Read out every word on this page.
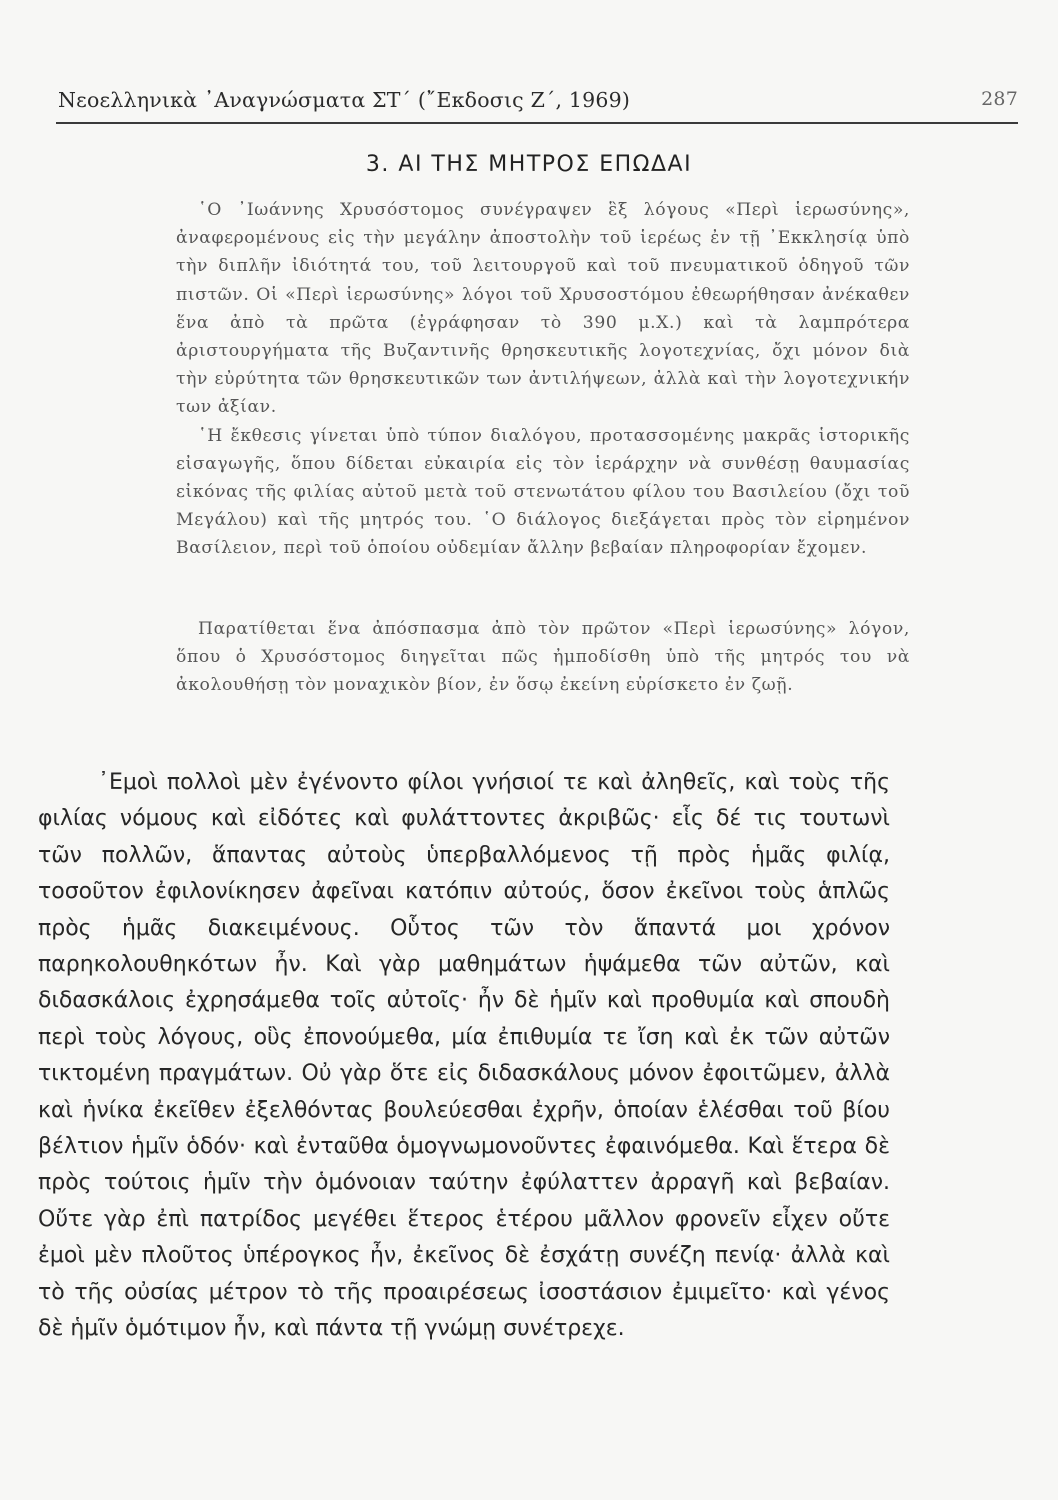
Νεοελληνικὰ ᾿Αναγνώσματα ΣΤ΄ (῎Εκδοσις Ζ΄, 1969)	287
3. ΑΙ ΤΗΣ ΜΗΤΡΟΣ ΕΠΩΔΑΙ

῾Ο ᾿Ιωάννης Χρυσόστομος συνέγραψεν ἓξ λόγους «Περὶ ἱερωσύνης», ἀναφερομένους εἰς τὴν μεγάλην ἀποστολὴν τοῦ ἱερέως ἐν τῇ ᾿Εκκλησίᾳ ὑπὸ τὴν διπλῆν ἰδιότητά του, τοῦ λειτουργοῦ καὶ τοῦ πνευματικοῦ ὁδηγοῦ τῶν πιστῶν. Οἱ «Περὶ ἱερωσύνης» λόγοι τοῦ Χρυσοστόμου ἐθεωρήθησαν ἀνέκαθεν ἕνα ἀπὸ τὰ πρῶτα (ἐγράφησαν τὸ 390 μ.Χ.) καὶ τὰ λαμπρότερα ἀριστουργήματα τῆς Βυζαντινῆς θρησκευτικῆς λογοτεχνίας, ὄχι μόνον διὰ τὴν εὐρύτητα τῶν θρησκευτικῶν των ἀντιλήψεων, ἀλλὰ καὶ τὴν λογοτεχνικήν των ἀξίαν.

῾Η ἔκθεσις γίνεται ὑπὸ τύπον διαλόγου, προτασσομένης μακρᾶς ἱστορικῆς εἰσαγωγῆς, ὅπου δίδεται εὐκαιρία εἰς τὸν ἱεράρχην νὰ συνθέσῃ θαυμασίας εἰκόνας τῆς φιλίας αὐτοῦ μετὰ τοῦ στενωτάτου φίλου του Βασιλείου (ὄχι τοῦ Μεγάλου) καὶ τῆς μητρός του. ῾Ο διάλογος διεξάγεται πρὸς τὸν εἰρημένον Βασίλειον, περὶ τοῦ ὁποίου οὐδεμίαν ἄλλην βεβαίαν πληροφορίαν ἔχομεν.

Παρατίθεται ἕνα ἀπόσπασμα ἀπὸ τὸν πρῶτον «Περὶ ἱερωσύνης» λόγον, ὅπου ὁ Χρυσόστομος διηγεῖται πῶς ἠμποδίσθη ὑπὸ τῆς μητρός του νὰ ἀκολουθήσῃ τὸν μοναχικὸν βίον, ἐν ὅσῳ ἐκείνη εὑρίσκετο ἐν ζωῇ.

᾿Εμοὶ πολλοὶ μὲν ἐγένοντο φίλοι γνήσιοί τε καὶ ἀληθεῖς, καὶ τοὺς τῆς φιλίας νόμους καὶ εἰδότες καὶ φυλάττοντες ἀκριβῶς· εἷς δέ τις τουτωνὶ τῶν πολλῶν, ἅπαντας αὐτοὺς ὑπερβαλλόμενος τῇ πρὸς ἡμᾶς φιλίᾳ, τοσοῦτον ἐφιλονίκησεν ἀφεῖναι κατόπιν αὐτούς, ὅσον ἐκεῖνοι τοὺς ἁπλῶς πρὸς ἡμᾶς διακειμένους. Οὗτος τῶν τὸν ἅπαντά μοι χρόνον παρηκολουθηκότων ἦν. Καὶ γὰρ μαθημάτων ἡψάμεθα τῶν αὐτῶν, καὶ διδασκάλοις ἐχρησάμεθα τοῖς αὐτοῖς· ἦν δὲ ἡμῖν καὶ προθυμία καὶ σπουδὴ περὶ τοὺς λόγους, οὓς ἐπονούμεθα, μία ἐπιθυμία τε ἴση καὶ ἐκ τῶν αὐτῶν τικτομένη πραγμάτων. Οὐ γὰρ ὅτε εἰς διδασκάλους μόνον ἐφοιτῶμεν, ἀλλὰ καὶ ἡνίκα ἐκεῖθεν ἐξελθόντας βουλεύεσθαι ἐχρῆν, ὁποίαν ἑλέσθαι τοῦ βίου βέλτιον ἡμῖν ὁδόν· καὶ ἐνταῦθα ὁμογνωμονοῦντες ἐφαινόμεθα. Καὶ ἕτερα δὲ πρὸς τούτοις ἡμῖν τὴν ὁμόνοιαν ταύτην ἐφύλαττεν ἀρραγῆ καὶ βεβαίαν. Οὔτε γὰρ ἐπὶ πατρίδος μεγέθει ἕτερος ἑτέρου μᾶλλον φρονεῖν εἶχεν οὔτε ἐμοὶ μὲν πλοῦτος ὑπέρογκος ἦν, ἐκεῖνος δὲ ἐσχάτῃ συνέζη πενίᾳ· ἀλλὰ καὶ τὸ τῆς οὐσίας μέτρον τὸ τῆς προαιρέσεως ἰσοστάσιον ἐμιμεῖτο· καὶ γένος δὲ ἡμῖν ὁμότιμον ἦν, καὶ πάντα τῇ γνώμῃ συνέτρεχε.
